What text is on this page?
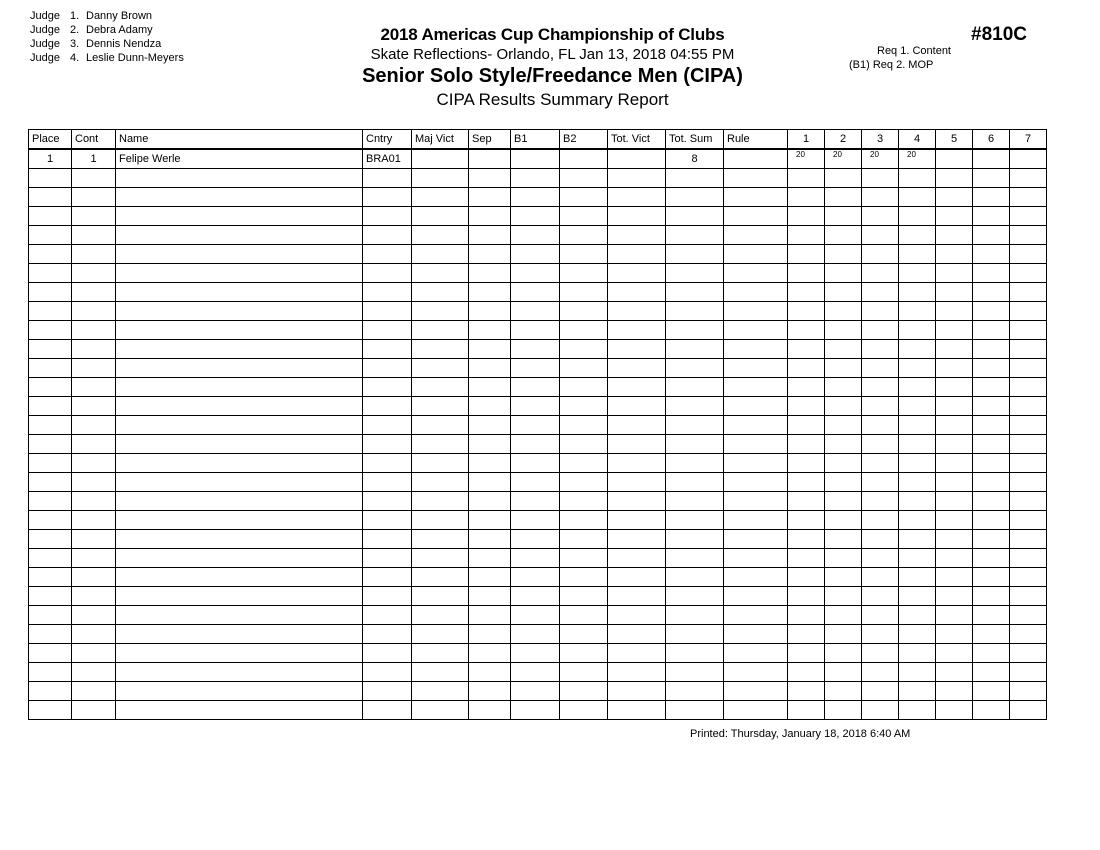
Judge 1. Danny Brown
Judge 2. Debra Adamy
Judge 3. Dennis Nendza
Judge 4. Leslie Dunn-Meyers
2018 Americas Cup Championship of Clubs
Skate Reflections- Orlando, FL Jan 13, 2018 04:55 PM
Senior Solo Style/Freedance Men (CIPA)
CIPA Results Summary Report
#810C
Req 1. Content
(B1) Req 2. MOP
Place	Cont	Name	Cntry	Maj Vict	Sep	B1	B2	Tot. Vict	Tot. Sum	Rule	1	2	3	4	5	6	7
1	1	Felipe Werle	BRA01						8		20	20	20	20			

Printed: Thursday, January 18, 2018 6:40 AM
